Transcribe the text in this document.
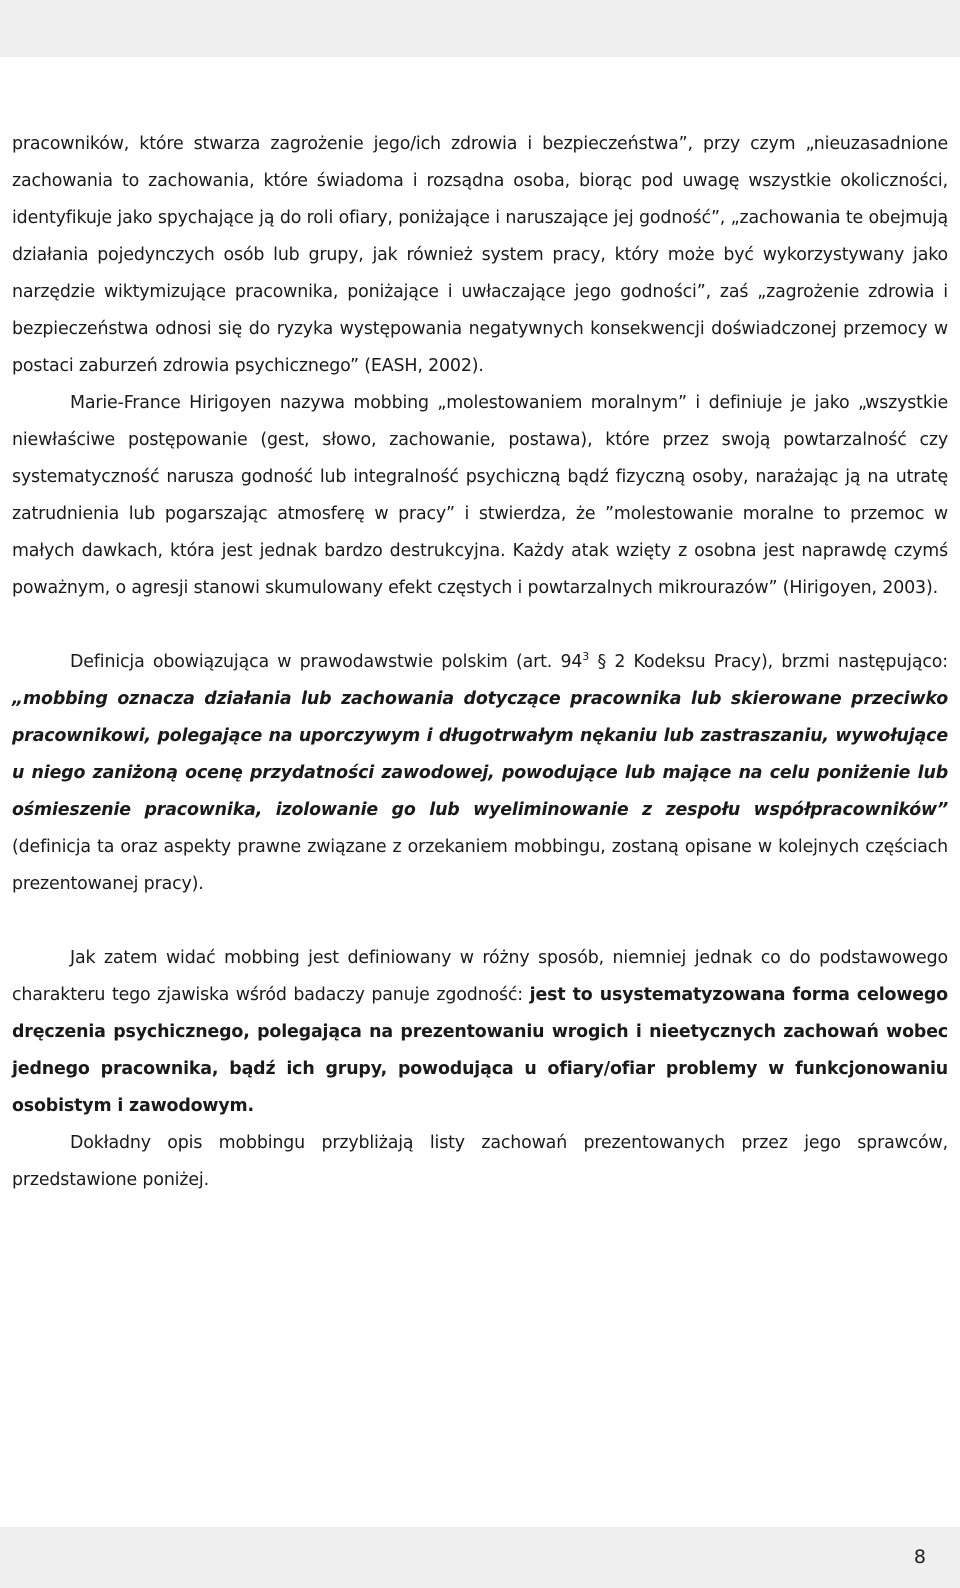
pracowników, które stwarza zagrożenie jego/ich zdrowia i bezpieczeństwa”, przy czym „nieuzasadnione zachowania to zachowania, które świadoma i rozsądna osoba, biorąc pod uwagę wszystkie okoliczności, identyfikuje jako spychające ją do roli ofiary, poniżające i naruszające jej godność”, „zachowania te obejmują działania pojedynczych osób lub grupy, jak również system pracy, który może być wykorzystywany jako narzędzie wiktymizujące pracownika, poniżające i uwłaczające jego godności”, zaś „zagrożenie zdrowia i bezpieczeństwa odnosi się do ryzyka występowania negatywnych konsekwencji doświadczonej przemocy w postaci zaburzeń zdrowia psychicznego” (EASH, 2002).

Marie-France Hirigoyen nazywa mobbing „molestowaniem moralnym” i definiuje je jako „wszystkie niewłaściwe postępowanie (gest, słowo, zachowanie, postawa), które przez swoją powtarzalność czy systematyczność narusza godność lub integralność psychiczną bądź fizyczną osoby, narażając ją na utratę zatrudnienia lub pogarszając atmosferę w pracy” i stwierdza, że ”molestowanie moralne to przemoc w małych dawkach, która jest jednak bardzo destrukcyjna. Każdy atak wzięty z osobna jest naprawdę czymś poważnym, o agresji stanowi skumulowany efekt częstych i powtarzalnych mikrourazów” (Hirigoyen, 2003).

Definicja obowiązująca w prawodawstwie polskim (art. $94^3$ § 2 Kodeksu Pracy), brzmi następująco: „mobbing oznacza działania lub zachowania dotyczące pracownika lub skierowane przeciwko pracownikowi, polegające na uporczywym i długotrwałym nękaniu lub zastraszaniu, wywołujące u niego zaniżoną ocenę przydatności zawodowej, powodujące lub mające na celu poniżenie lub ośmieszenie pracownika, izolowanie go lub wyeliminowanie z zespołu współpracowników” (definicja ta oraz aspekty prawne związane z orzekaniem mobbingu, zostaną opisane w kolejnych częściach prezentowanej pracy).

Jak zatem widać mobbing jest definiowany w różny sposób, niemniej jednak co do podstawowego charakteru tego zjawiska wśród badaczy panuje zgodność: jest to usystematyzowana forma celowego dręczenia psychicznego, polegająca na prezentowaniu wrogich i nieetycznych zachowań wobec jednego pracownika, bądź ich grupy, powodująca u ofiary/ofiar problemy w funkcjonowaniu osobistym i zawodowym.

Dokładny opis mobbingu przybliżają listy zachowań prezentowanych przez jego sprawców, przedstawione poniżej.

8
